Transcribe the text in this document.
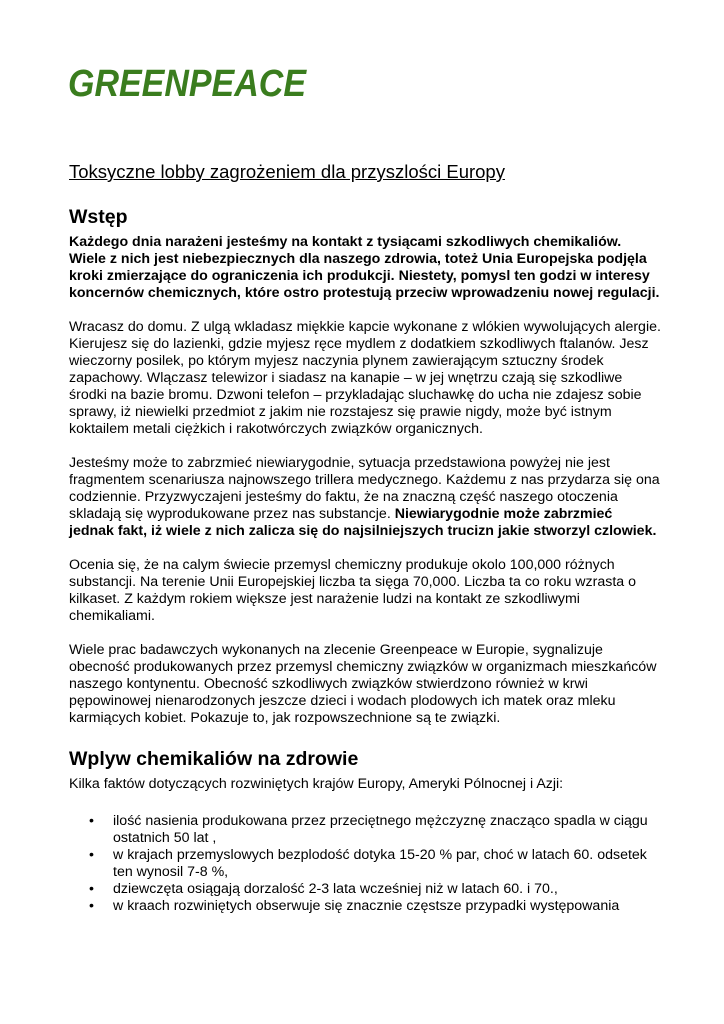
GREENPEACE
Toksyczne lobby zagrożeniem dla przyszlości Europy
Wstęp

Każdego dnia narażeni jesteśmy na kontakt z tysiącami szkodliwych chemikaliów. Wiele z nich jest niebezpiecznych dla naszego zdrowia, toteż Unia Europejska podjęla kroki zmierzające do ograniczenia ich produkcji. Niestety, pomysl ten godzi w interesy koncernów chemicznych, które ostro protestują przeciw wprowadzeniu nowej regulacji.

Wracasz do domu. Z ulgą wkladasz miękkie kapcie wykonane z wlókien wywolujących alergie. Kierujesz się do lazienki, gdzie myjesz ręce mydlem z dodatkiem szkodliwych ftalanów. Jesz wieczorny posilek, po którym myjesz naczynia plynem zawierającym sztuczny środek zapachowy. Wlączasz telewizor i siadasz na kanapie – w jej wnętrzu czają się szkodliwe środki na bazie bromu. Dzwoni telefon – przykladając sluchawkę do ucha nie zdajesz sobie sprawy, iż niewielki przedmiot z jakim nie rozstajesz się prawie nigdy, może być istnym koktailem metali ciężkich i rakotwórczych związków organicznych.

Jesteśmy może to zabrzmieć niewiarygodnie, sytuacja przedstawiona powyżej nie jest fragmentem scenariusza najnowszego trillera medycznego. Każdemu z nas przydarza się ona codziennie. Przyzwyczajeni jesteśmy do faktu, że na znaczną część naszego otoczenia skladają się wyprodukowane przez nas substancje. Niewiarygodnie może zabrzmieć jednak fakt, iż wiele z nich zalicza się do najsilniejszych trucizn jakie stworzyl czlowiek.

Ocenia się, że na calym świecie przemysl chemiczny produkuje okolo 100,000 różnych substancji. Na terenie Unii Europejskiej liczba ta sięga 70,000. Liczba ta co roku wzrasta o kilkaset. Z każdym rokiem większe jest narażenie ludzi na kontakt ze szkodliwymi chemikaliami.

Wiele prac badawczych wykonanych na zlecenie Greenpeace w Europie, sygnalizuje obecność produkowanych przez przemysl chemiczny związków w organizmach mieszkańców naszego kontynentu. Obecność szkodliwych związków stwierdzono również w krwi pępowinowej nienarodzonych jeszcze dzieci i wodach plodowych ich matek oraz mleku karmiących kobiet. Pokazuje to, jak rozpowszechnione są te związki.

Wplyw chemikaliów na zdrowie

Kilka faktów dotyczących rozwiniętych krajów Europy, Ameryki Pólnocnej i Azji:

• ilość nasienia produkowana przez przeciętnego mężczyznę znacząco spadla w ciągu ostatnich 50 lat ,
• w krajach przemyslowych bezplodość dotyka 15-20 % par, choć w latach 60. odsetek ten wynosil 7-8 %,
• dziewczęta osiągają dorzalość 2-3 lata wcześniej niż w latach 60. i 70.,
• w kraach rozwiniętych obserwuje się znacznie częstsze przypadki występowania
